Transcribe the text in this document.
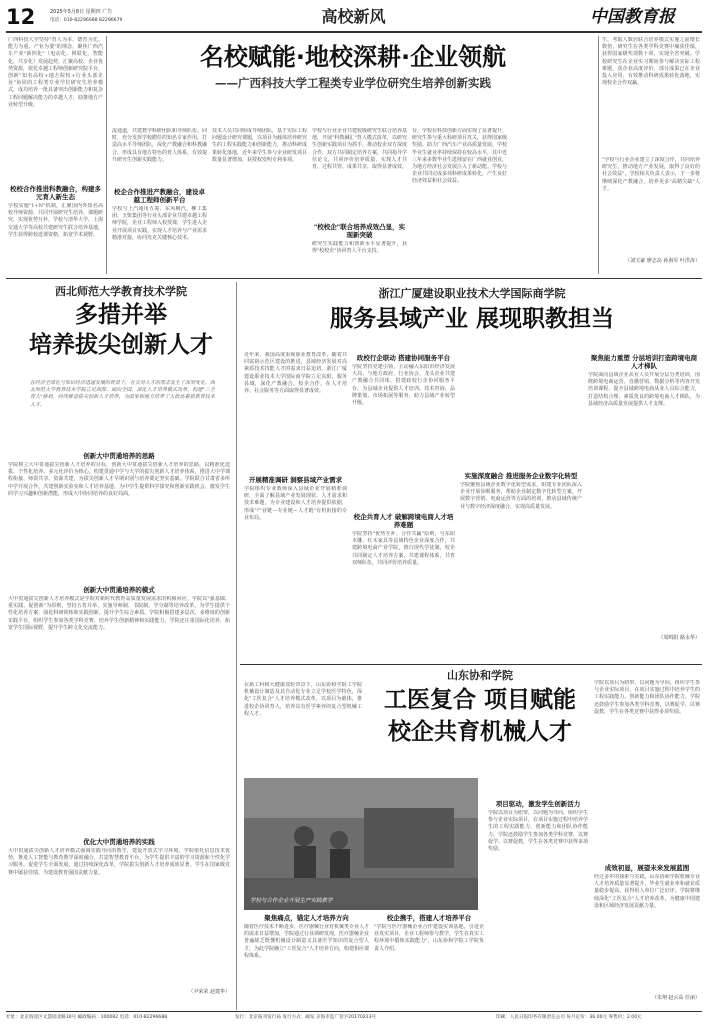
12	2025年5月8日 星期四 广告
电话：010-82296688 82296679	高校新风	中国教育报
广西科技大学坚持"育人为本、德育为先、能力为重、产业为要"的理念，聚焦广西汽车产业"新四化"（电动化、网联化、智能化、共享化）发展趋势，汇聚高校、企业优势资源，依托卓越工程师创新研究院平台，创新"知名高校+地方院校+行业头部企业"协同的工程类专业学位研究生培养模式，成功培养一批具备突出创新能力和复杂工程问题解决能力的卓越人才，助推地方产业转型升级。
校校合作推进科教融合，构建多元育人新生态
学校实施"1+N"机制，汇聚国内外知名高校导师资源，共同开展研究生培养、课题研究，实现优势互补。学校与清华大学、上海交通大学等高校共建研究生联合培养基地，学生获得跨校选课资格，拓宽学术视野。
名校赋能·地校深耕·企业领航
——广西科技大学工程类专业学位研究生培养创新实践
流通道，共建教学科研团队和导师队伍。同时，充分发挥学校聘任的知名专家作用，打造高水平导师团队，深化产教融合和科教融合，形成具有地方特色的育人体系，有效提升研究生创新实践能力。
校企合作推进产教融合，建设卓越工程师创新平台
学校与上汽通用五菱、东风柳汽、柳工集团、玉柴集团等行业头部企业共建卓越工程师学院，企业工程师入校授课，学生进入企业开展项目实践，实现人才培养与产业需求精准对接，协同攻克关键核心技术。
技术人员共同组成导师团队，基于实际工程问题设计研究课题，以项目为载体培养研究生的工程实践能力和创新能力，推动科研成果转化落地，近年来学生参与企业研发项目数量显著增加，获授权发明专利多项。
学校与行业企业共建校级研究生联合培养基地，开展"科教融汇"育人模式改革，以研究生创新实践项目为抓手，推动校企双方深度合作，双方共同制定培养方案，共同指导学位论文，共同评价培养质量，实现人才共育、过程共管、成果共享，取得显著成效。
"校校企"联合培养成效凸显，实现新突破
研究生实践能力和创新水平显著提升，获得"校校企"协同育人平台支持。
台，学校在科技创新方面实现了显著提升，研究生参与重大科研项目攻关，获得国家级奖励，助力广西汽车产业高质量发展。学校毕业生就业率持续保持在较高水平，其中近三年来多数毕业生选择留在广西就业创业，为地方经济社会发展注入了新动能。学校与企业共同完成多项科研成果转化，产生良好经济效益和社会效益。
生，考取人数居联合培养模式实施之前增长数倍，研究生在各类学科竞赛中屡获佳绩，获得国家级奖项数十项，实现全省突破。学校研究生在企业实习期间参与解决实际工程难题，获企业高度评价，部分成果已在企业投入应用，有效推动科研成果转化落地，实现校企合作双赢。
"学校与行业企业建立了深度合作，共同培养研究生，推动地方产业发展，取得了良好的社会效益"，学校相关负责人表示，下一步将继续深化产教融合，培养更多"高精尖缺"人才。
（刘宝豪 廖志高 孙海军 叶洪涛）
西北师范大学教育技术学院
多措并举
培养拔尖创新人才
在经济全球化与知识经济迅速发展的背景下，社会对人才的需求发生了深刻变化。西北师范大学教育技术学院立足西部、面向全国，深化人才培养模式改革，构建"三全育人"格局，持续推进拔尖创新人才培养，为国家和地方培养了大批高素质教育技术人才。
创新大中贯通培养的思路
学院树立大中贯通拔尖创新人才培养的目标，创新大中贯通拔尖创新人才培养的思路，以精准化选拔、个性化培养、多元化评价为核心，构建贯通中学与大学的拔尖创新人才培养体系，推进大中学课程衔接、师资共享、资源共建，为拔尖创新人才早期识别与培养奠定坚实基础。学院联合甘肃省多所中学开展合作，共建创新实验室和人才培养基地，为中学生提供科学探究和创新实践机会，激发学生的学习兴趣和创新潜能，形成大中协同培养的良好局面。
创新大中贯通培养的模式
大中贯通拔尖创新人才培养模式是学院对新时代教育高质量发展需求的积极回应。学院以"强基础、重实践、促创新"为原则，坚持五育并举，实施导师制、书院制、学分制等培养改革，为学生提供个性化培养方案，强化科研训练和实践创新，提升学生综合素质。学院积极搭建多层次、多维度的创新实践平台，组织学生参加各类学科竞赛，培养学生创新精神和实践能力。学院还注重国际化培养，拓宽学生国际视野，提升学生跨文化交流能力。
优化大中贯通培养的实践
大中贯通拔尖创新人才培养模式强调实践导向的教学，建设开放式学习环境。学院依托信息技术优势，推进人工智能与教育教学深度融合，打造智慧教育平台，为学生提供丰富的学习资源和个性化学习服务，促进学生全面发展。通过持续深化改革，学院拔尖创新人才培养成效显著，学生在国家级竞赛中屡获佳绩，为建设教育强国贡献力量。
（尹荣荣 赵建华）
浙江广厦建设职业技术大学国际商学院
服务县域产业 展现职教担当
近年来，我国高度重视职业教育改革，随着共同富裕示范区建设的推进，县域经济发展对高素质技术技能人才的需求日益迫切。浙江广厦建设职业技术大学国际商学院立足东阳、服务县域，深化产教融合、校企合作，在人才培养、社会服务等方面取得显著成效。
开展精准调研 洞察县域产业需求
学院组织专业教师深入县域企业开展精准调研，全面了解县域产业发展现状、人才需求和技术难题，为专业建设和人才培养提供依据，形成"产业链—专业链—人才链"有机衔接的专业布局。
政校行企联动 搭建协同服务平台
学院坚持党建引领，主动融入东阳市经济发展大局，与地方政府、行业协会、龙头企业共建产教融合共同体，搭建政校行企协同服务平台，为县域企业提供人才培训、技术咨询、品牌策划、市场拓展等服务，助力县域产业转型升级。
校企共育人才 破解跨境电商人才培养难题
学院坚持"优势互补、合作共赢"原则，与东阳木雕、红木家具等县域特色企业深度合作，共建跨境电商产业学院，推行现代学徒制，校企共同制定人才培养方案，共建课程体系，共育双师队伍，共同评价培养质量。
实施深度融合 推进服务企业数字化转型
学院聚焦县域企业数字化转型需求，组建专业团队深入企业开展诊断服务，帮助企业制定数字化转型方案，开展数字营销、电商运营等方面的培训，推动县域传统产业与数字经济深度融合，实现高质量发展。
聚焦能力重塑 分层培训打造跨境电商人才梯队
学院面向县域企业从业人员开展分层分类培训，围绕跨境电商运营、直播营销、数据分析等内容开发培训课程，提升县域跨境电商从业人员综合能力，打造结构合理、素质优良的跨境电商人才梯队，为县域经济高质量发展提供人才支撑。
（周鸣阳 路永华）
山东协和学院
工医复合 项目赋能
校企共育机械人才
学校与合作企业开展生产实践教学
在新工科和大健康双轮背景下，山东协和学院工学院机械设计制造及其自动化专业立足学校医学特色，深化"工医复合"人才培养模式改革，以项目为载体，推进校企协同育人，培养具有医学素养的复合型机械工程人才。
聚焦痛点，锚定人才培养方向
随着医疗技术不断进步，医疗器械行业对机械类专业人才的需求日益增加，学院通过行业调研发现，医疗器械企业普遍缺乏既懂机械设计制造又具备医学知识的复合型人才，为此学院确立"工医复合"人才培养方向，构建相应课程体系。
校企携手，搭建人才培养平台
"学院与医疗器械企业合作建设实训基地，引进企业真实项目，企业工程师参与教学，学生在真实工程环境中锻炼实践能力"，山东协和学院工学院负责人介绍。
项目驱动，激发学生创新活力
学院以项目为纽带，以问题为导向，组织学生参与企业实际项目，在项目实施过程中培养学生的工程实践能力、创新能力和团队协作能力。学院还鼓励学生参加各类学科竞赛，以赛促学、以赛促教，学生在各类竞赛中获得多项奖励。
学院以项目为纽带，以问题为导向，组织学生参与企业实际项目，在项目实施过程中培养学生的工程实践能力、创新能力和团队协作能力。学院还鼓励学生参加各类学科竞赛，以赛促学、以赛促教，学生在各类竞赛中获得多项奖励。
成效初显，展望未来发展蓝图
经过多年的探索与实践，山东协和学院机械专业人才培养质量显著提升，毕业生就业率和就业质量稳步提高，获得用人单位广泛好评。学院将继续深化"工医复合"人才培养改革，为健康中国建设和区域经济发展贡献力量。
（朱翔 赵云高 任丽）
社址：北京海淀区文慧园北路10号 邮政编码：100082 电话：010-82296688	发行：北京报刊发行局 发行方式：邮发 京海市监广登字20170213号	印刷：人民日报印务有限责任公司 每月定价：36.00元 零售价：2.00元
